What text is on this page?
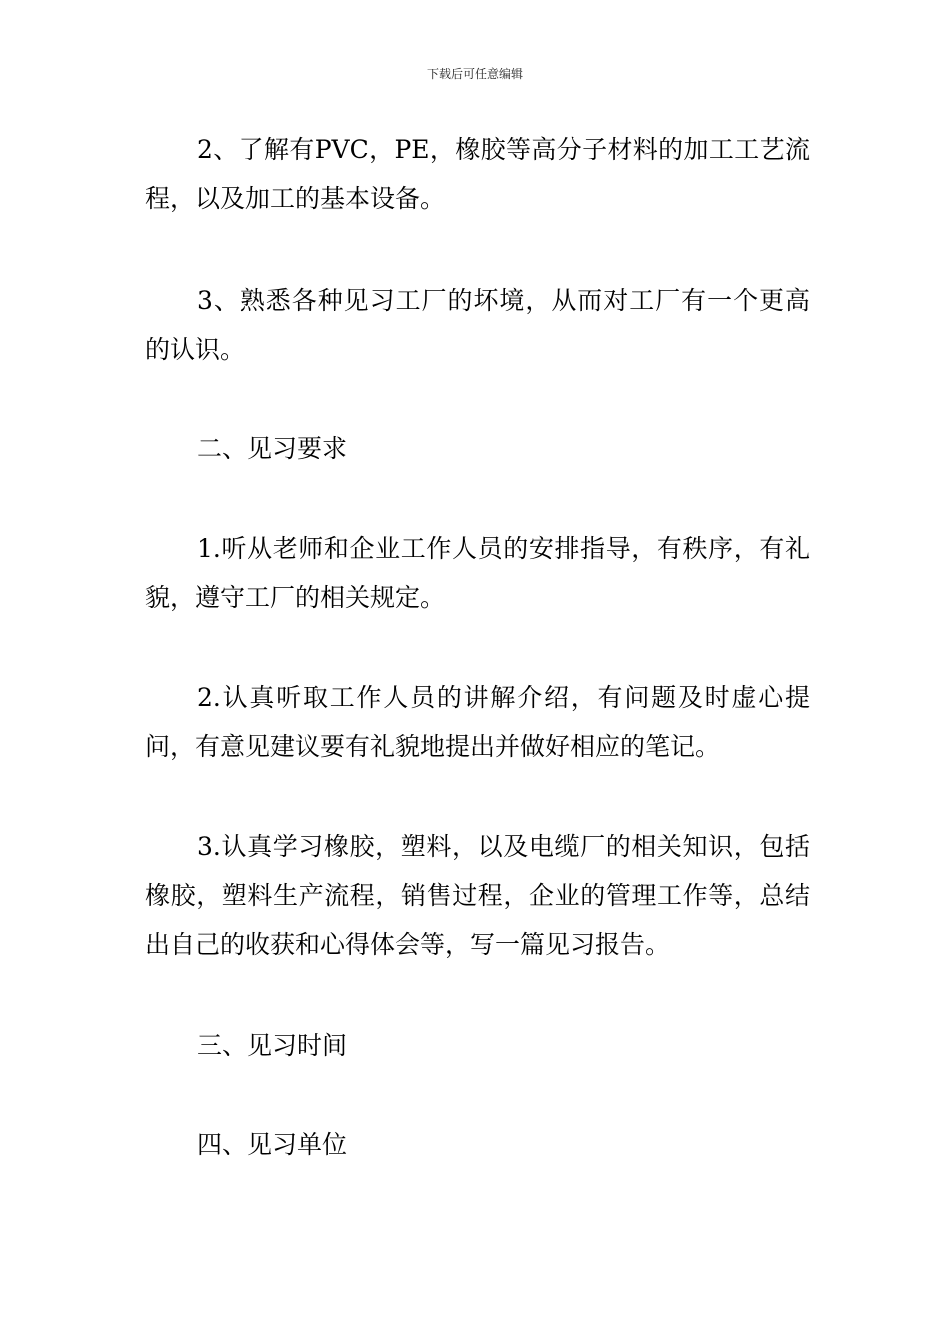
下载后可任意编辑

2、了解有PVC，PE，橡胶等高分子材料的加工工艺流程，以及加工的基本设备。

3、熟悉各种见习工厂的坏境，从而对工厂有一个更高的认识。

二、见习要求

1.听从老师和企业工作人员的安排指导，有秩序，有礼貌，遵守工厂的相关规定。

2.认真听取工作人员的讲解介绍，有问题及时虚心提问，有意见建议要有礼貌地提出并做好相应的笔记。

3.认真学习橡胶，塑料，以及电缆厂的相关知识，包括橡胶，塑料生产流程，销售过程，企业的管理工作等，总结出自己的收获和心得体会等，写一篇见习报告。

三、见习时间

四、见习单位
